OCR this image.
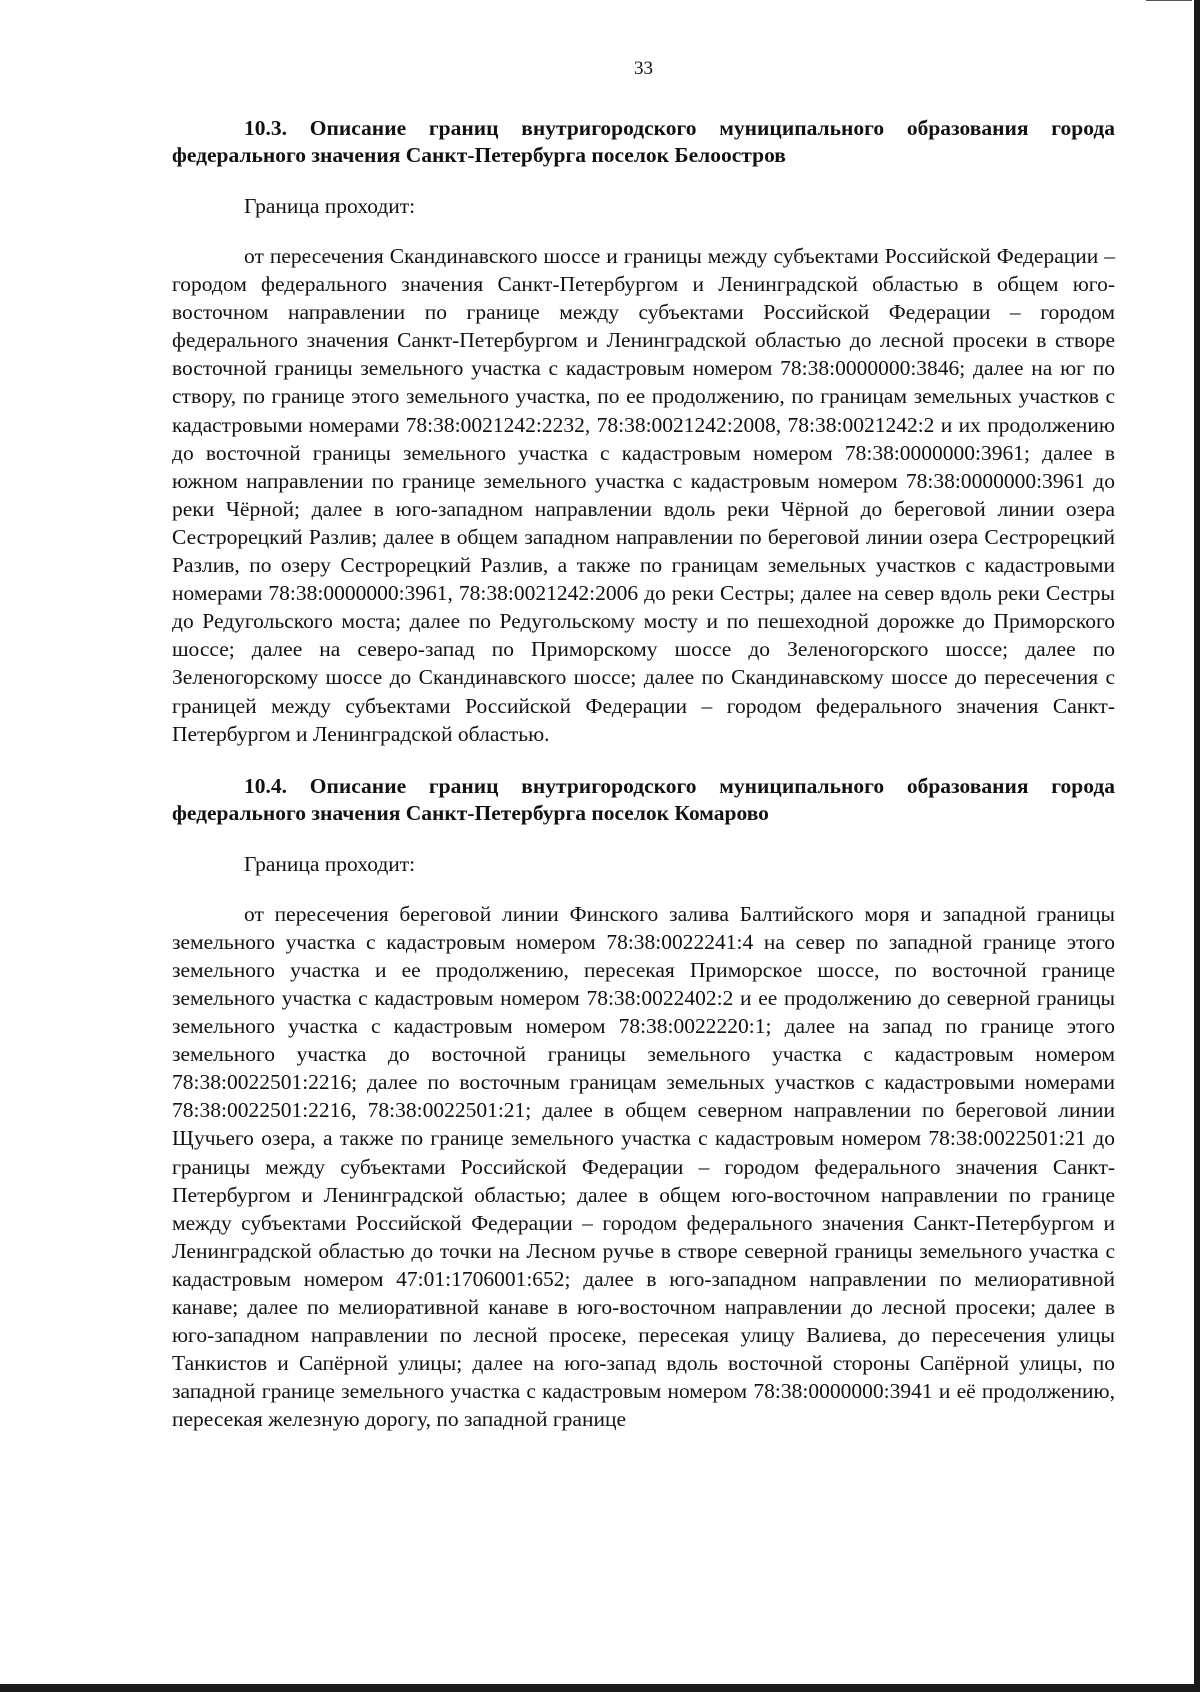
33

10.3. Описание границ внутригородского муниципального образования города федерального значения Санкт-Петербурга поселок Белоостров

Граница проходит:

от пересечения Скандинавского шоссе и границы между субъектами Российской Федерации – городом федерального значения Санкт-Петербургом и Ленинградской областью в общем юго-восточном направлении по границе между субъектами Российской Федерации – городом федерального значения Санкт-Петербургом и Ленинградской областью до лесной просеки в створе восточной границы земельного участка с кадастровым номером 78:38:0000000:3846; далее на юг по створу, по границе этого земельного участка, по ее продолжению, по границам земельных участков с кадастровыми номерами 78:38:0021242:2232, 78:38:0021242:2008, 78:38:0021242:2 и их продолжению до восточной границы земельного участка с кадастровым номером 78:38:0000000:3961; далее в южном направлении по границе земельного участка с кадастровым номером 78:38:0000000:3961 до реки Чёрной; далее в юго-западном направлении вдоль реки Чёрной до береговой линии озера Сестрорецкий Разлив; далее в общем западном направлении по береговой линии озера Сестрорецкий Разлив, по озеру Сестрорецкий Разлив, а также по границам земельных участков с кадастровыми номерами 78:38:0000000:3961, 78:38:0021242:2006 до реки Сестры; далее на север вдоль реки Сестры до Редугольского моста; далее по Редугольскому мосту и по пешеходной дорожке до Приморского шоссе; далее на северо-запад по Приморскому шоссе до Зеленогорского шоссе; далее по Зеленогорскому шоссе до Скандинавского шоссе; далее по Скандинавскому шоссе до пересечения с границей между субъектами Российской Федерации – городом федерального значения Санкт-Петербургом и Ленинградской областью.

10.4. Описание границ внутригородского муниципального образования города федерального значения Санкт-Петербурга поселок Комарово

Граница проходит:

от пересечения береговой линии Финского залива Балтийского моря и западной границы земельного участка с кадастровым номером 78:38:0022241:4 на север по западной границе этого земельного участка и ее продолжению, пересекая Приморское шоссе, по восточной границе земельного участка с кадастровым номером 78:38:0022402:2 и ее продолжению до северной границы земельного участка с кадастровым номером 78:38:0022220:1; далее на запад по границе этого земельного участка до восточной границы земельного участка с кадастровым номером 78:38:0022501:2216; далее по восточным границам земельных участков с кадастровыми номерами 78:38:0022501:2216, 78:38:0022501:21; далее в общем северном направлении по береговой линии Щучьего озера, а также по границе земельного участка с кадастровым номером 78:38:0022501:21 до границы между субъектами Российской Федерации – городом федерального значения Санкт-Петербургом и Ленинградской областью; далее в общем юго-восточном направлении по границе между субъектами Российской Федерации – городом федерального значения Санкт-Петербургом и Ленинградской областью до точки на Лесном ручье в створе северной границы земельного участка с кадастровым номером 47:01:1706001:652; далее в юго-западном направлении по мелиоративной канаве; далее по мелиоративной канаве в юго-восточном направлении до лесной просеки; далее в юго-западном направлении по лесной просеке, пересекая улицу Валиева, до пересечения улицы Танкистов и Сапёрной улицы; далее на юго-запад вдоль восточной стороны Сапёрной улицы, по западной границе земельного участка с кадастровым номером 78:38:0000000:3941 и её продолжению, пересекая железную дорогу, по западной границе
